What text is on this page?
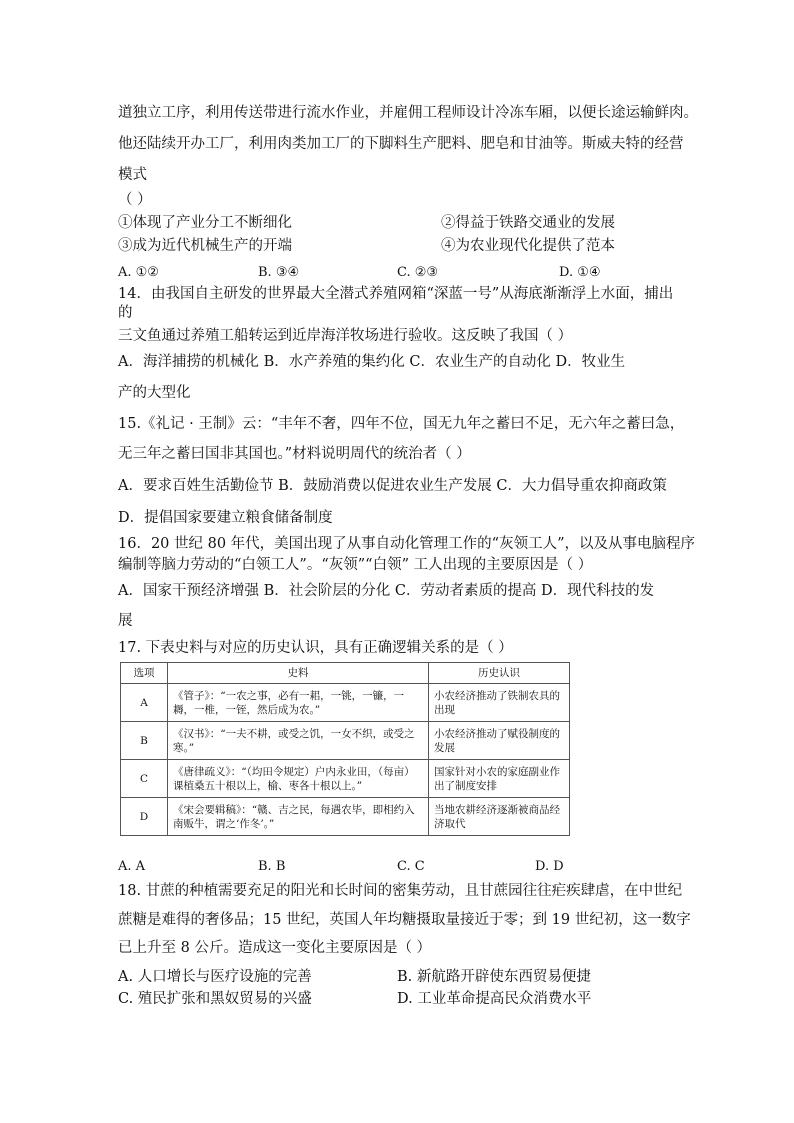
道独立工序，利用传送带进行流水作业，并雇佣工程师设计冷冻车厢，以便长途运输鲜肉。
他还陆续开办工厂，利用肉类加工厂的下脚料生产肥料、肥皂和甘油等。斯威夫特的经营
模式
（ ）
①体现了产业分工不断细化	②得益于铁路交通业的发展
③成为近代机械生产的开端	④为农业现代化提供了范本
A. ①②	B. ③④	C. ②③	D. ①④
14．由我国自主研发的世界最大全潜式养殖网箱“深蓝一号”从海底渐渐浮上水面，捕出
的
三文鱼通过养殖工船转运到近岸海洋牧场进行验收。这反映了我国（ ）
A．海洋捕捞的机械化 B．水产养殖的集约化 C．农业生产的自动化 D．牧业生
产的大型化
15.《礼记 · 王制》云：“丰年不奢，四年不位，国无九年之蓄曰不足，无六年之蓄曰急，
无三年之蓄曰国非其国也。”材料说明周代的统治者（ ）
A．要求百姓生活勤俭节 B．鼓励消费以促进农业生产发展 C．大力倡导重农抑商政策
D．提倡国家要建立粮食储备制度
16．20 世纪 80 年代，美国出现了从事自动化管理工作的“灰领工人”，以及从事电脑程序
编制等脑力劳动的“白领工人”。“灰领”“白领” 工人出现的主要原因是（ ）
A．国家干预经济增强 B．社会阶层的分化 C．劳动者素质的提高 D．现代科技的发
展
17. 下表史料与对应的历史认识，具有正确逻辑关系的是（ ）
选项	史料	历史认识
A	《管子》：“一农之事，必有一耜，一铫，一镰，一耨，一椎，一铚，然后成为农。”	小农经济推动了铁制农具的出现
B	《汉书》：“一夫不耕，或受之饥，一女不织，或受之寒。”	小农经济推动了赋役制度的发展
C	《唐律疏义》：“（均田令规定）户内永业田，（每亩）课植桑五十根以上，榆、枣各十根以上。”	国家针对小农的家庭副业作出了制度安排
D	《宋会要辑稿》：“赣、吉之民，每遇农毕，即相约入南贩牛，谓之‘作冬’。”	当地农耕经济逐渐被商品经济取代
A. A	B. B	C. C	D. D
18. 甘蔗的种植需要充足的阳光和长时间的密集劳动，且甘蔗园往往疟疾肆虐，在中世纪
蔗糖是难得的奢侈品；15 世纪，英国人年均糖摄取量接近于零；到 19 世纪初，这一数字
已上升至 8 公斤。造成这一变化主要原因是（ ）
A. 人口增长与医疗设施的完善	B. 新航路开辟使东西贸易便捷
C. 殖民扩张和黑奴贸易的兴盛	D. 工业革命提高民众消费水平
